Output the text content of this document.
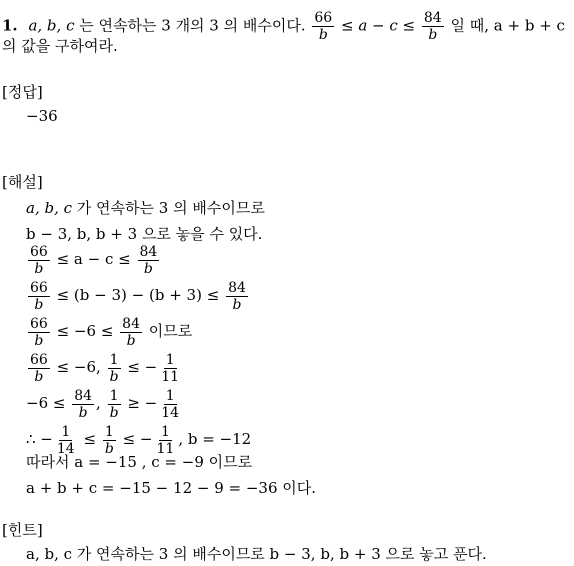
1. a, b, c 는 연속하는 3 개의 3 의 배수이다. $\frac{66}{b} \le a - c \le \frac{84}{b}$ 일 때, a + b + c
의 값을 구하여라.
[정답]
−36
[해설]
a, b, c 가 연속하는 3 의 배수이므로
b − 3, b, b + 3 으로 놓을 수 있다.
$\frac{66}{b} \le a - c \le \frac{84}{b}$
$\frac{66}{b} \le (b - 3) - (b + 3) \le \frac{84}{b}$
$\frac{66}{b} \le -6 \le \frac{84}{b}$ 이므로
$\frac{66}{b} \le -6$, $\frac{1}{b}$ ≤ − $\frac{1}{11}$
$-6 \le \frac{84}{b}$ , $\frac{1}{b}$ ≥ − $\frac{1}{14}$
∴ − $\frac{1}{14} \le \frac{1}{b}$ ≤ − $\frac{1}{11}$ , b = −12
따라서 a = −15 , c = −9 이므로
a + b + c = −15 − 12 − 9 = −36 이다.
[힌트]
a, b, c 가 연속하는 3 의 배수이므로 b − 3, b, b + 3 으로 놓고 푼다.
